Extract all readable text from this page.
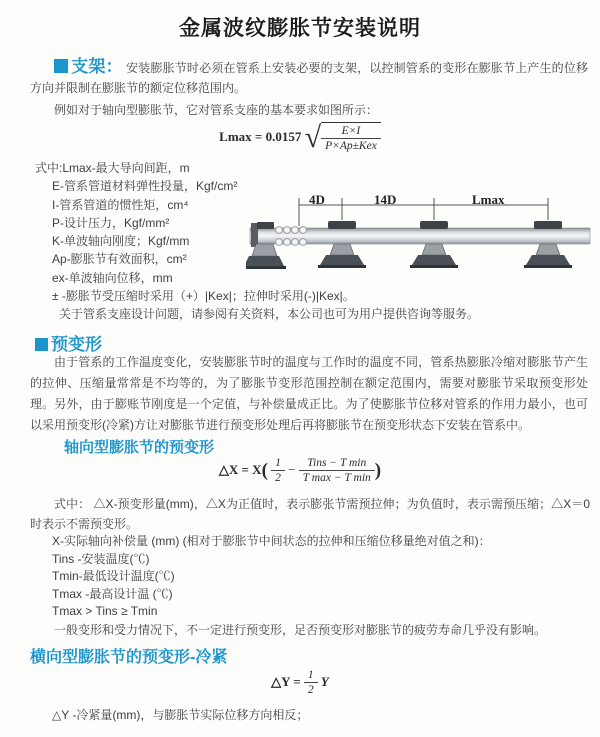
金属波纹膨胀节安装说明
支架： 安装膨胀节时必须在管系上安装必要的支架，以控制管系的变形在膨胀节上产生的位移方向并限制在膨胀节的额定位移范围内。
例如对于轴向型膨胀节，它对管系支座的基本要求如图所示：
Lmax = 0.0157 √ $\frac{E\times I}{\text{P×Ap±Kex}}$
式中:Lmax-最大导向间距，m
E-管系管道材料弹性投量，Kgf/cm²
I-管系管道的惯性矩，cm⁴
P-设计压力，Kgf/mm²
K-单波轴向刚度；Kgf/mm
Ap-膨胀节有效面积，cm²
ex-单波轴向位移，mm
± -膨胀节受压缩时采用（+）|Kex|；拉伸时采用(-)|Kex|。
关于管系支座设计问题，请参阅有关资料，本公司也可为用户提供咨询等服务。
4D	14D	Lmax
预变形
由于管系的工作温度变化，安装膨胀节时的温度与工作时的温度不同，管系热膨胀冷缩对膨胀节产生的拉伸、压缩量常常是不均等的，为了膨胀节变形范围控制在额定范围内，需要对膨胀节采取预变形处理。另外，由于膨账节刚度是一个定值，与补偿量成正比。为了使膨胀节位移对管系的作用力最小，也可以采用预变形(冷紧)方让对膨胀节进行预变形处理后再将膨胀节在预变形状态下安装在管系中。
轴向型膨胀节的预变形
△X = $X( \frac{1}{2} - \frac{\text{Tins − T min}}{\text{T max − T min}}$ )
式中： △X-预变形量(mm)，△X为正值时，表示膨张节需预拉伸；为负值时，表示需预压缩；△X＝0时表示不需预变形。
X-实际轴向补偿量 (mm) (相对于膨胀节中间状态的拉伸和压缩位移量绝对值之和)：
Tins -安装温度(℃)
Tmin-最低设计温度(℃)
Tmax -最高设计温 (℃)
Tmax > Tins ≥ Tmin
一般变形和受力情况下，不一定进行预变形，足否预变形对膨胀节的疲劳寿命几乎没有影响。
横向型膨胀节的预变形-冷紧
△Y = $\frac{1}{2}$ Y
△Y -冷紧量(mm)，与膨胀节实际位移方向相反；
